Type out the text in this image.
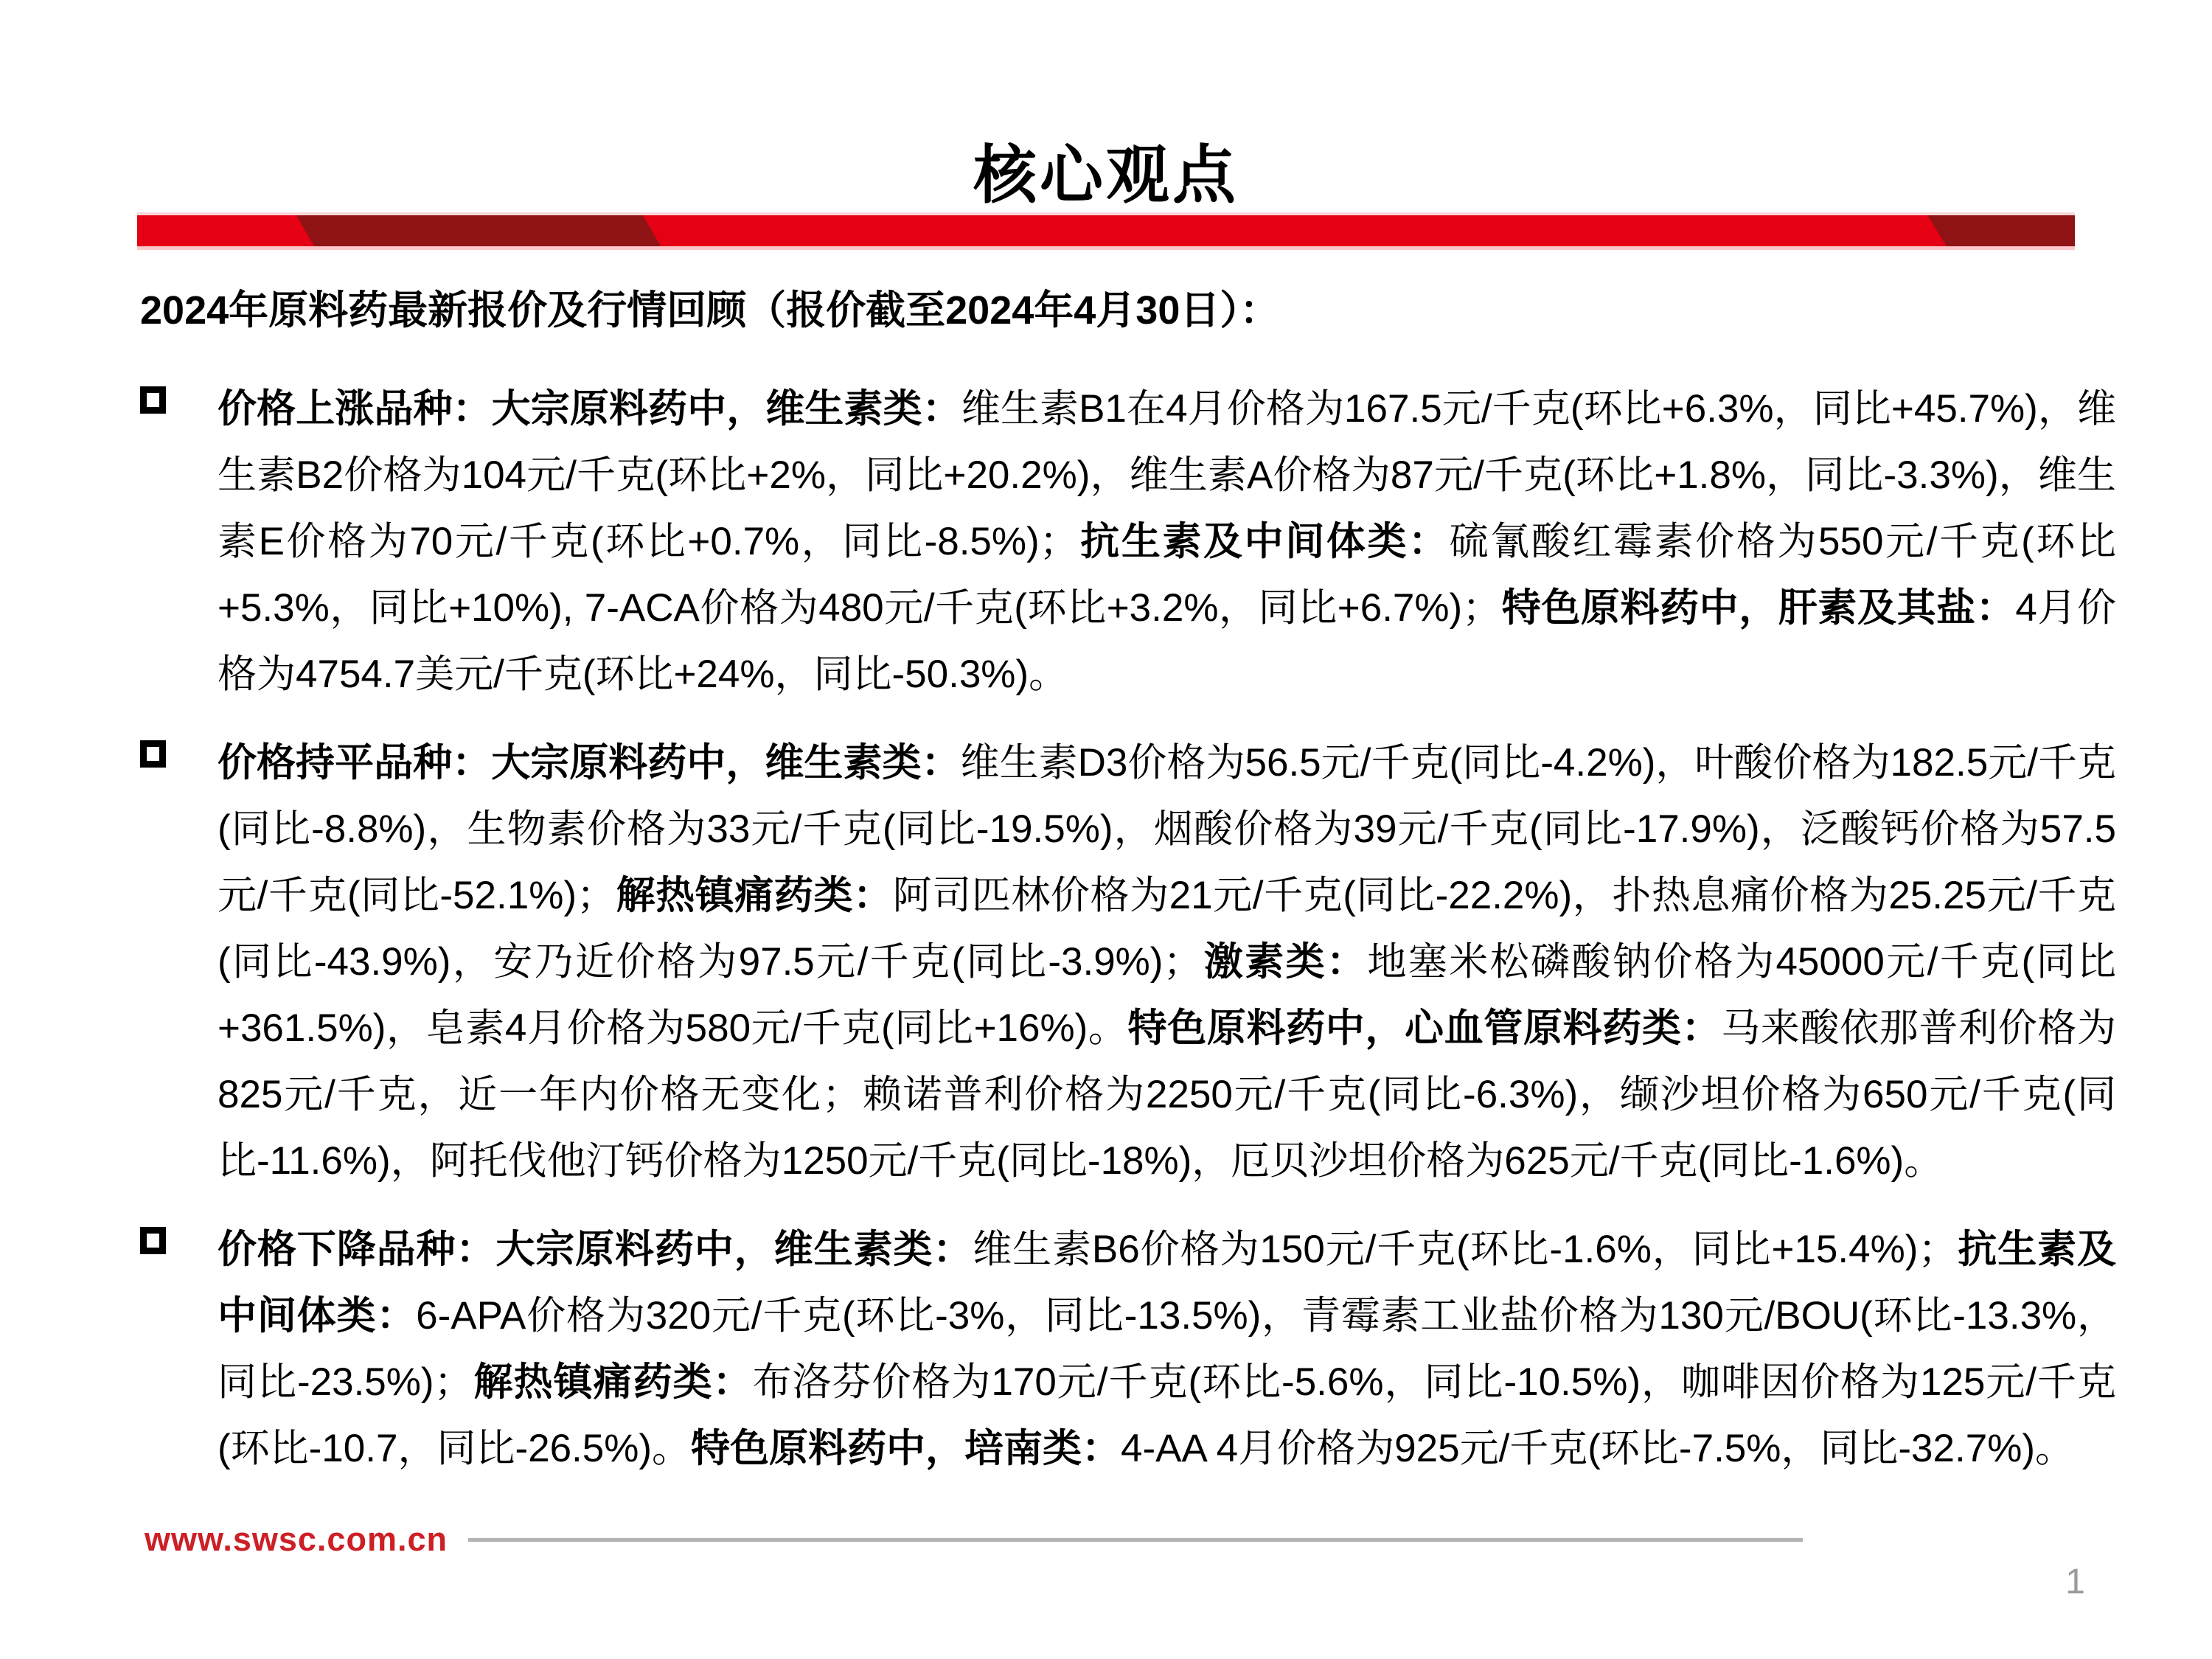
核心观点

2024年原料药最新报价及行情回顾（报价截至2024年4月30日）：

价格上涨品种：大宗原料药中，维生素类：维生素B1在4月价格为167.5元/千克(环比+6.3%，同比+45.7%)，维生素B2价格为104元/千克(环比+2%，同比+20.2%)，维生素A价格为87元/千克(环比+1.8%，同比-3.3%)，维生素E价格为70元/千克(环比+0.7%，同比-8.5%)；抗生素及中间体类：硫氰酸红霉素价格为550元/千克(环比+5.3%，同比+10%), 7-ACA价格为480元/千克(环比+3.2%，同比+6.7%)；特色原料药中，肝素及其盐：4月价格为4754.7美元/千克(环比+24%，同比-50.3%)。

价格持平品种：大宗原料药中，维生素类：维生素D3价格为56.5元/千克(同比-4.2%)，叶酸价格为182.5元/千克(同比-8.8%)，生物素价格为33元/千克(同比-19.5%)，烟酸价格为39元/千克(同比-17.9%)，泛酸钙价格为57.5元/千克(同比-52.1%)；解热镇痛药类：阿司匹林价格为21元/千克(同比-22.2%)，扑热息痛价格为25.25元/千克(同比-43.9%)，安乃近价格为97.5元/千克(同比-3.9%)；激素类：地塞米松磷酸钠价格为45000元/千克(同比+361.5%)，皂素4月价格为580元/千克(同比+16%)。特色原料药中，心血管原料药类：马来酸依那普利价格为825元/千克，近一年内价格无变化；赖诺普利价格为2250元/千克(同比-6.3%)，缬沙坦价格为650元/千克(同比-11.6%)，阿托伐他汀钙价格为1250元/千克(同比-18%)，厄贝沙坦价格为625元/千克(同比-1.6%)。

价格下降品种：大宗原料药中，维生素类：维生素B6价格为150元/千克(环比-1.6%，同比+15.4%)；抗生素及中间体类：6-APA价格为320元/千克(环比-3%，同比-13.5%)，青霉素工业盐价格为130元/BOU(环比-13.3%，同比-23.5%)；解热镇痛药类：布洛芬价格为170元/千克(环比-5.6%，同比-10.5%)，咖啡因价格为125元/千克(环比-10.7，同比-26.5%)。特色原料药中，培南类：4-AA 4月价格为925元/千克(环比-7.5%，同比-32.7%)。

www.swsc.com.cn
1
